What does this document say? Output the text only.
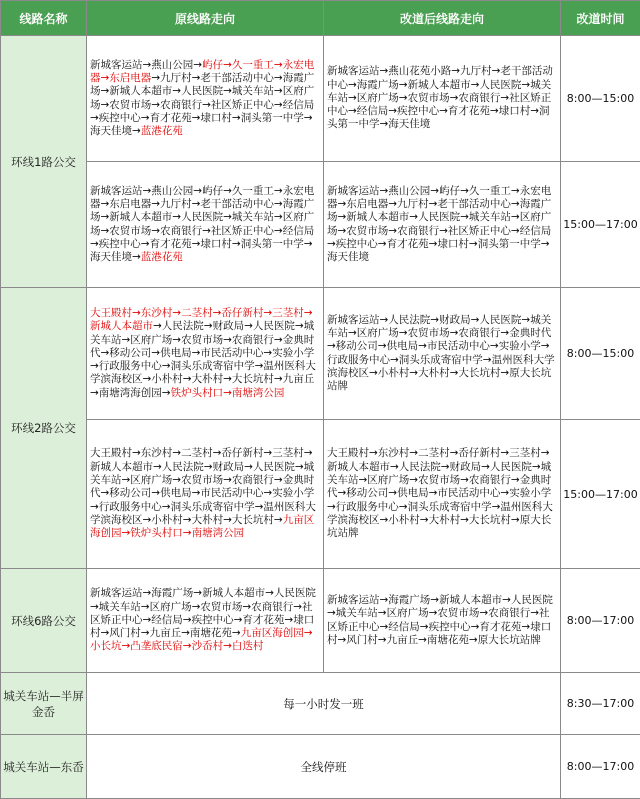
线路名称	原线路走向	改道后线路走向	改道时间
环线1路公交	新城客运站→燕山公园→屿仔→久一重工→永宏电器→东启电器→九厅村→老干部活动中心→海霞广场→新城人本超市→人民医院→城关车站→区府广场→农贸市场→农商银行→社区矫正中心→经信局→疾控中心→育才花苑→埭口村→洞头第一中学→海天佳境→蓝港花苑	新城客运站→燕山花苑小路→九厅村→老干部活动中心→海霞广场→新城人本超市→人民医院→城关车站→区府广场→农贸市场→农商银行→社区矫正中心→经信局→疾控中心→育才花苑→埭口村→洞头第一中学→海天佳境	8:00—15:00
	新城客运站→燕山公园→屿仔→久一重工→永宏电器→东启电器→九厅村→老干部活动中心→海霞广场→新城人本超市→人民医院→城关车站→区府广场→农贸市场→农商银行→社区矫正中心→经信局→疾控中心→育才花苑→埭口村→洞头第一中学→海天佳境→蓝港花苑	新城客运站→燕山公园→屿仔→久一重工→永宏电器→东启电器→九厅村→老干部活动中心→海霞广场→新城人本超市→人民医院→城关车站→区府广场→农贸市场→农商银行→社区矫正中心→经信局→疾控中心→育才花苑→埭口村→洞头第一中学→海天佳境	15:00—17:00
环线2路公交	大王殿村→东沙村→二茎村→岙仔新村→三茎村→新城人本超市→人民法院→财政局→人民医院→城关车站→区府广场→农贸市场→农商银行→金典时代→移动公司→供电局→市民活动中心→实验小学→行政服务中心→洞头乐成寄宿中学→温州医科大学滨海校区→小朴村→大朴村→大长坑村→九亩丘→南塘湾海创园→铁炉头村口→南塘湾公园	新城客运站→人民法院→财政局→人民医院→城关车站→区府广场→农贸市场→农商银行→金典时代→移动公司→供电局→市民活动中心→实验小学→行政服务中心→洞头乐成寄宿中学→温州医科大学滨海校区→小朴村→大朴村→大长坑村→原大长坑站牌	8:00—15:00
	大王殿村→东沙村→二茎村→岙仔新村→三茎村→新城人本超市→人民法院→财政局→人民医院→城关车站→区府广场→农贸市场→农商银行→金典时代→移动公司→供电局→市民活动中心→实验小学→行政服务中心→洞头乐成寄宿中学→温州医科大学滨海校区→小朴村→大朴村→大长坑村→九亩区海创园→铁炉头村口→南塘湾公园	大王殿村→东沙村→二茎村→岙仔新村→三茎村→新城人本超市→人民法院→财政局→人民医院→城关车站→区府广场→农贸市场→农商银行→金典时代→移动公司→供电局→市民活动中心→实验小学→行政服务中心→洞头乐成寄宿中学→温州医科大学滨海校区→小朴村→大朴村→大长坑村→原大长坑站牌	15:00—17:00
环线6路公交	新城客运站→海霞广场→新城人本超市→人民医院→城关车站→区府广场→农贸市场→农商银行→社区矫正中心→经信局→疾控中心→育才花苑→埭口村→风门村→九亩丘→南塘花苑→九亩区海创园→小长坑→凸垄底民宿→沙岙村→白迭村	新城客运站→海霞广场→新城人本超市→人民医院→城关车站→区府广场→农贸市场→农商银行→社区矫正中心→经信局→疾控中心→育才花苑→埭口村→风门村→九亩丘→南塘花苑→原大长坑站牌	8:00—17:00
城关车站—半屏金岙	每一小时发一班		8:30—17:00
城关车站—东岙	全线停班		8:00—17:00
